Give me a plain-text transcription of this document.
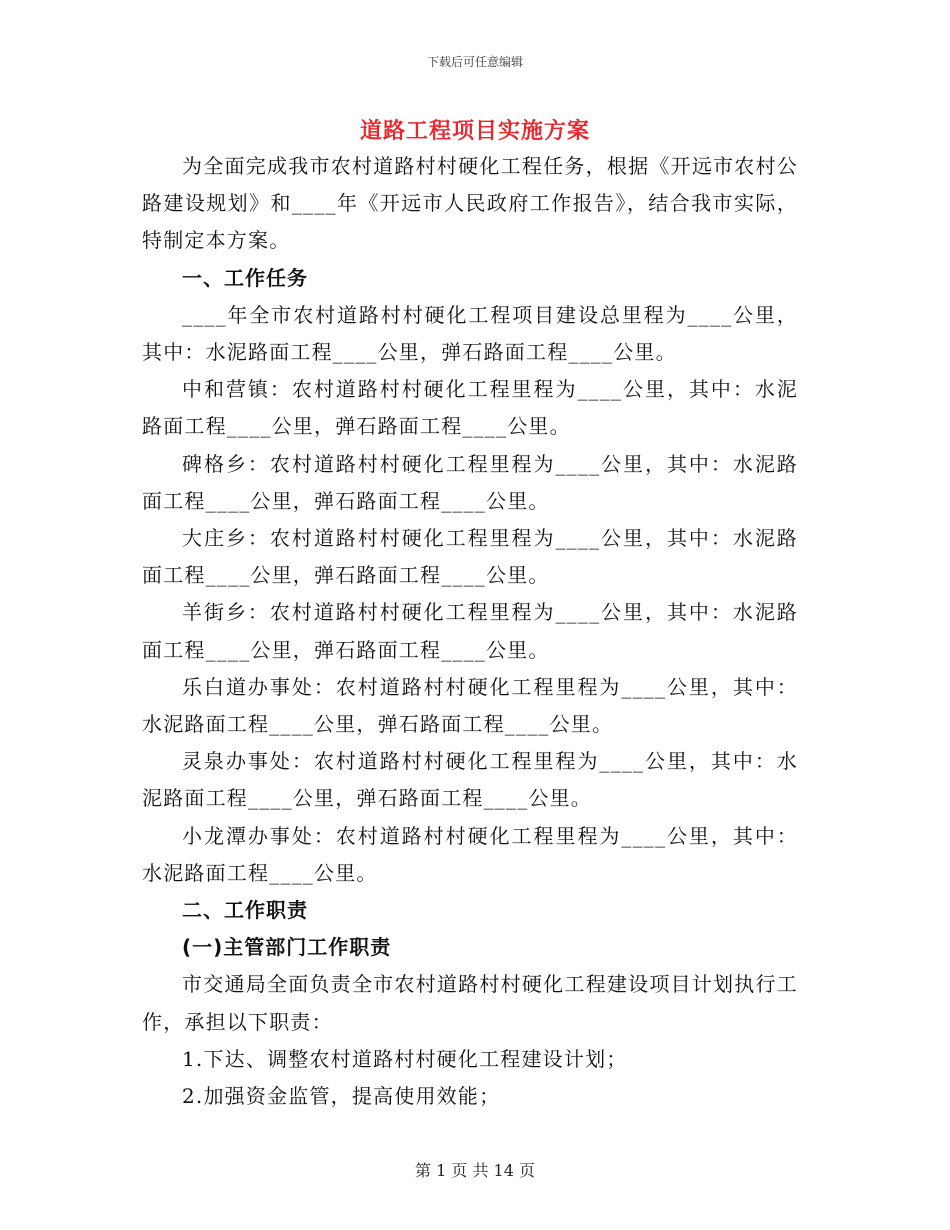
下载后可任意编辑
道路工程项目实施方案

为全面完成我市农村道路村村硬化工程任务，根据《开远市农村公路建设规划》和____年《开远市人民政府工作报告》，结合我市实际，特制定本方案。

一、工作任务

____年全市农村道路村村硬化工程项目建设总里程为____公里，其中：水泥路面工程____公里，弹石路面工程____公里。

中和营镇：农村道路村村硬化工程里程为____公里，其中：水泥路面工程____公里，弹石路面工程____公里。

碑格乡：农村道路村村硬化工程里程为____公里，其中：水泥路面工程____公里，弹石路面工程____公里。

大庄乡：农村道路村村硬化工程里程为____公里，其中：水泥路面工程____公里，弹石路面工程____公里。

羊街乡：农村道路村村硬化工程里程为____公里，其中：水泥路面工程____公里，弹石路面工程____公里。

乐白道办事处：农村道路村村硬化工程里程为____公里，其中：水泥路面工程____公里，弹石路面工程____公里。

灵泉办事处：农村道路村村硬化工程里程为____公里，其中：水泥路面工程____公里，弹石路面工程____公里。

小龙潭办事处：农村道路村村硬化工程里程为____公里，其中：水泥路面工程____公里。

二、工作职责

(一)主管部门工作职责

市交通局全面负责全市农村道路村村硬化工程建设项目计划执行工作，承担以下职责：

1.下达、调整农村道路村村硬化工程建设计划；

2.加强资金监管，提高使用效能；

第 1 页 共 14 页
